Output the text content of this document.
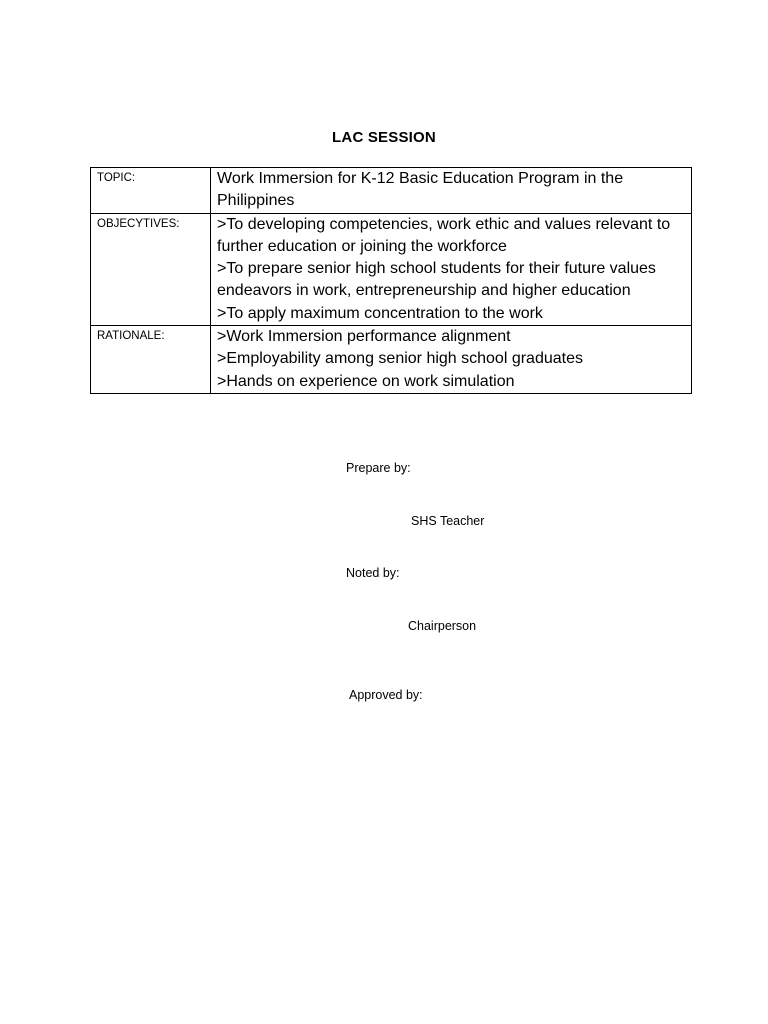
LAC SESSION
TOPIC:	Work Immersion for K-12 Basic Education Program in the
Philippines

OBJECYTIVES:	>To developing competencies, work ethic and values relevant to
further education or joining the workforce
>To prepare senior high school students for their future values
endeavors in work, entrepreneurship and higher education
>To apply maximum concentration to the work

RATIONALE:	>Work Immersion performance alignment
>Employability among senior high school graduates
>Hands on experience on work simulation
Prepare by:
SHS Teacher
Noted by:
Chairperson
Approved by:
